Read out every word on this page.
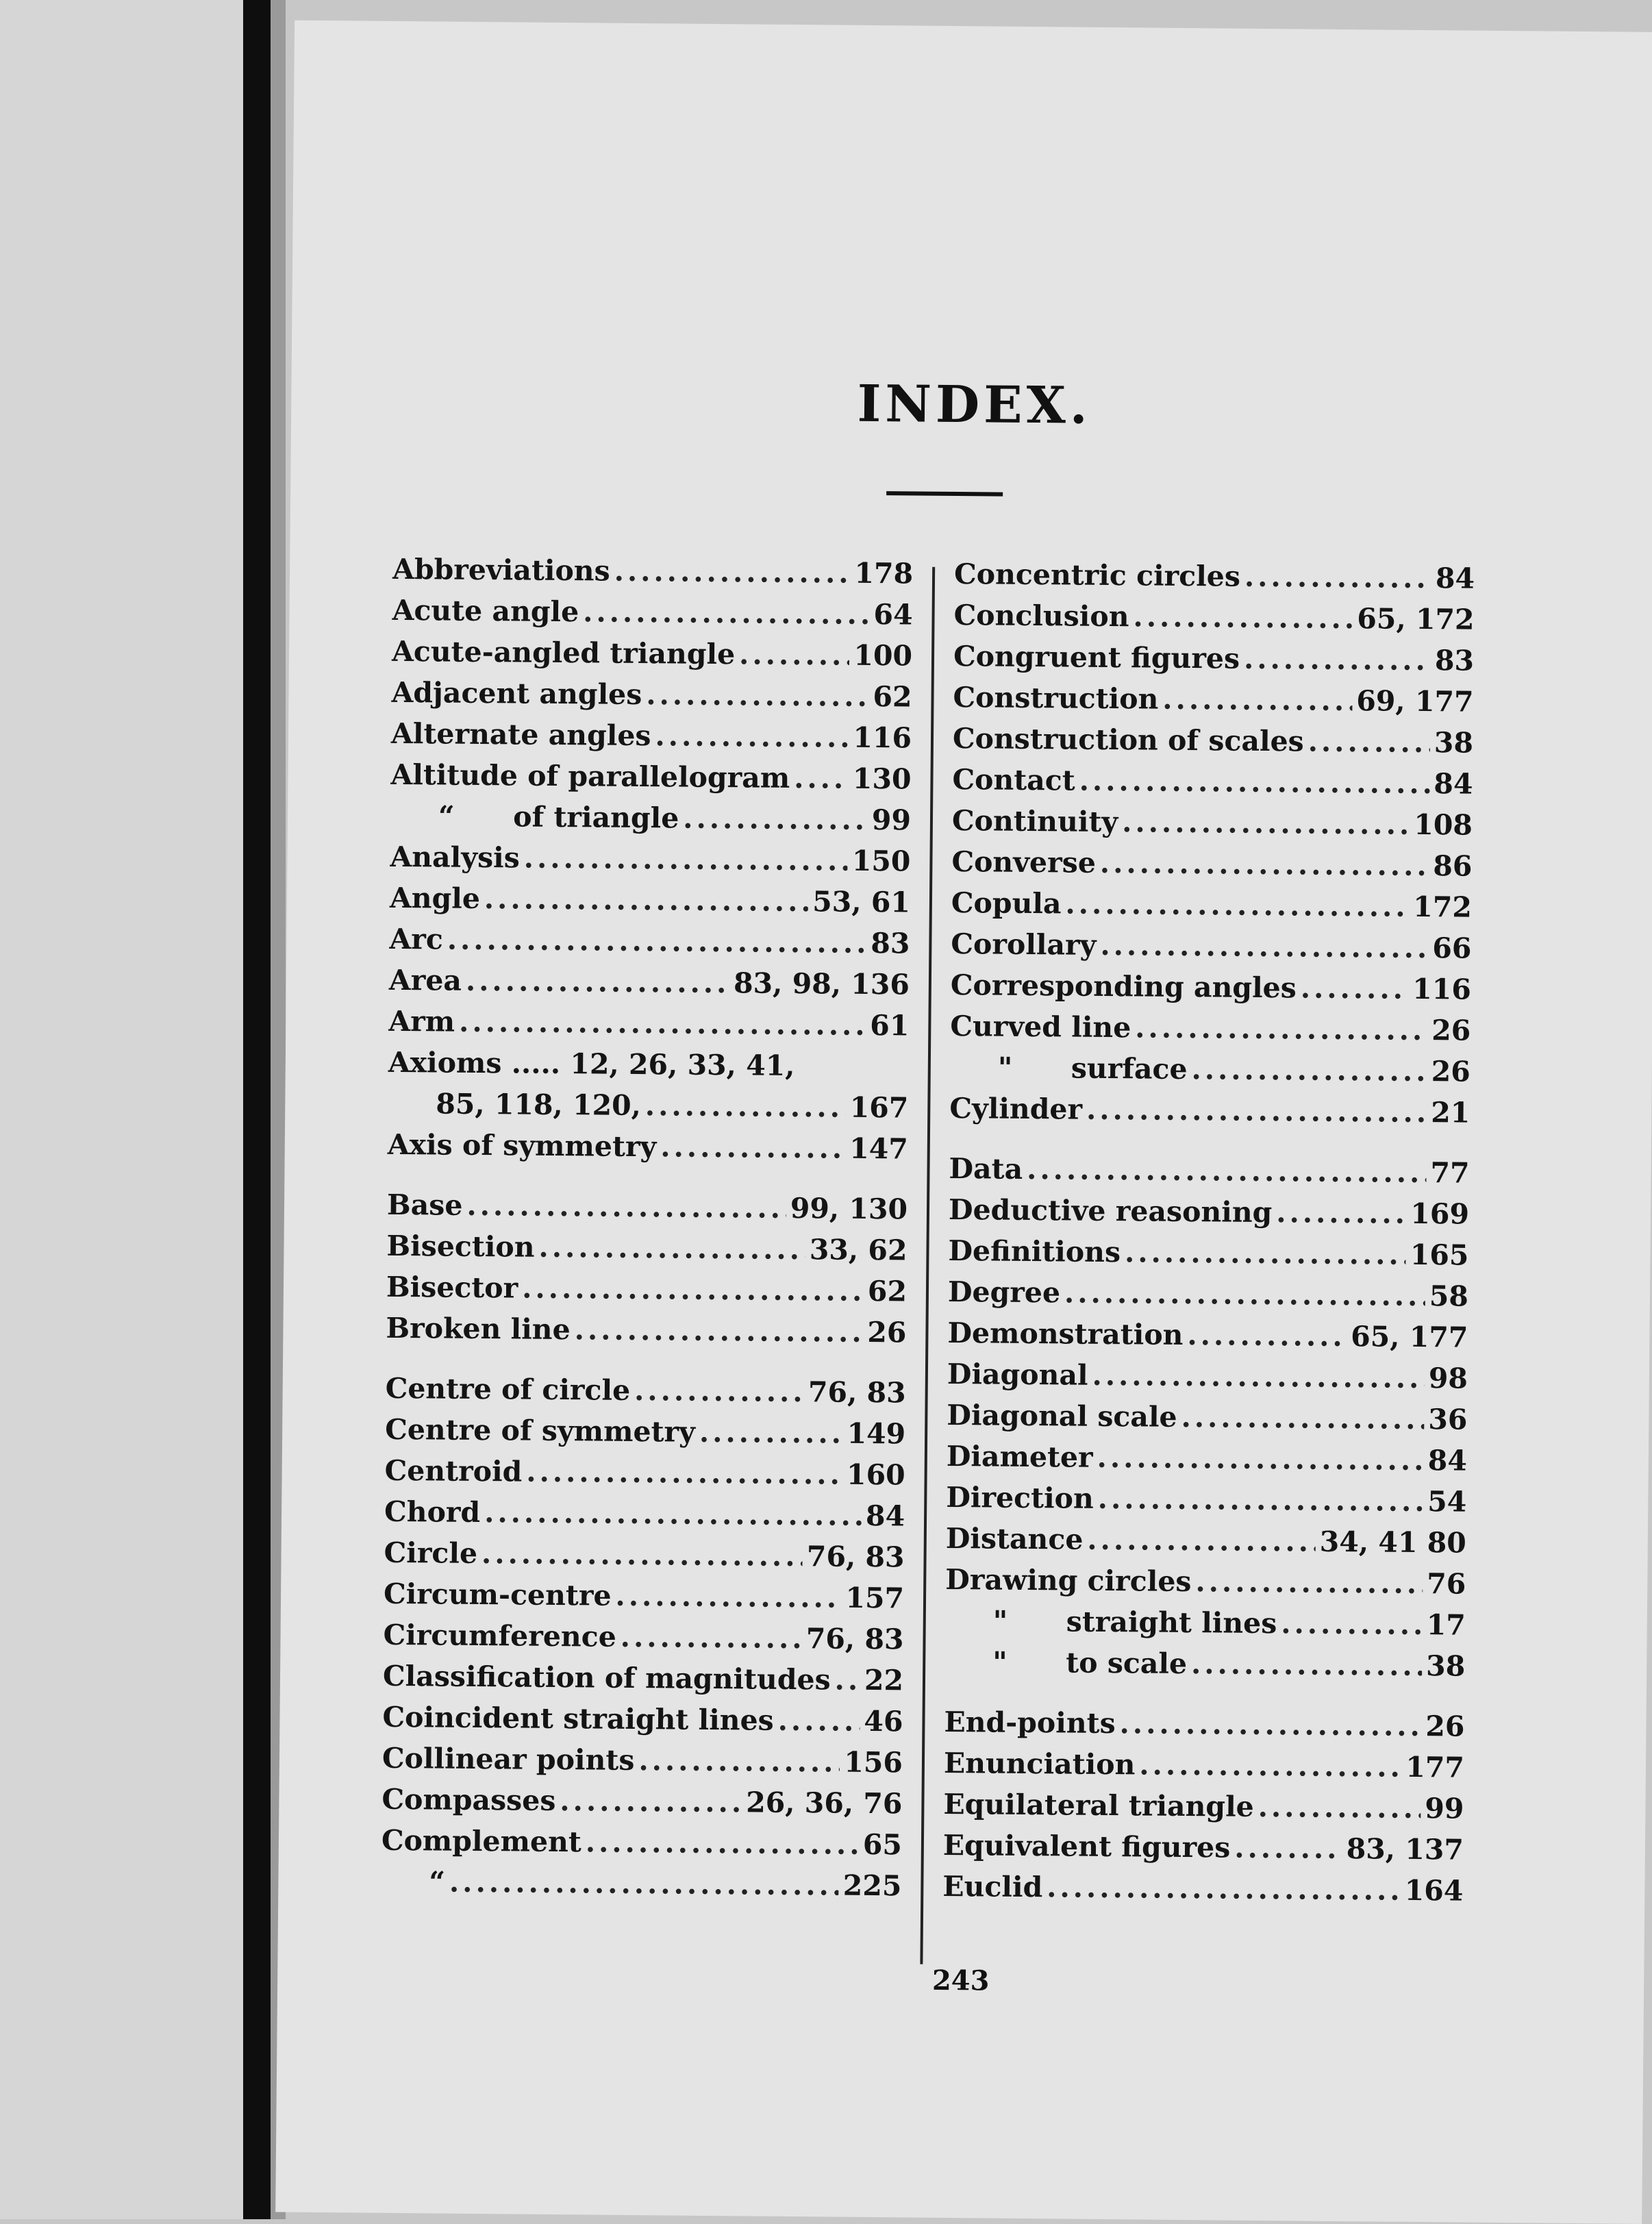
INDEX.
Abbreviations .....	178
Acute angle .....	64
Acute-angled triangle .....	100
Adjacent angles .....	62
Alternate angles .....	116
Altitude of parallelogram ..... 130
“      of triangle .....	99
Analysis .....	150
Angle .....	53, 61
Arc .....	83
Area .....	83, 98, 136
Arm .....	61
Axioms ..... 12, 26, 33, 41,
85, 118, 120, .....	167
Axis of symmetry .....	147
Base .....	99, 130
Bisection .....	33, 62
Bisector .....	62
Broken line .....	26
Centre of circle .....	76, 83
Centre of symmetry .....	149
Centroid .....	160
Chord .....	84
Circle .....	76, 83
Circum-centre .....	157
Circumference .....	76, 83
Classification of magnitudes ..... 22
Coincident straight lines .....	46
Collinear points .....	156
Compasses .....	26, 36, 76
Complement .....	65
“ .....	225
Concentric circles .....	84
Conclusion .....	65, 172
Congruent figures .....	83
Construction .....	69, 177
Construction of scales .....	38
Contact .....	84
Continuity .....	108
Converse .....	86
Copula .....	172
Corollary .....	66
Corresponding angles .....	116
Curved line .....	26
"      surface .....	26
Cylinder .....	21
Data .....	77
Deductive reasoning .....	169
Definitions .....	165
Degree .....	58
Demonstration .....	65, 177
Diagonal .....	98
Diagonal scale .....	36
Diameter .....	84
Direction .....	54
Distance .....	34, 41 80
Drawing circles .....	76
"      straight lines .....	17
"      to scale .....	38
End-points .....	26
Enunciation .....	177
Equilateral triangle .....	99
Equivalent figures .....	83, 137
Euclid .....	164
243
